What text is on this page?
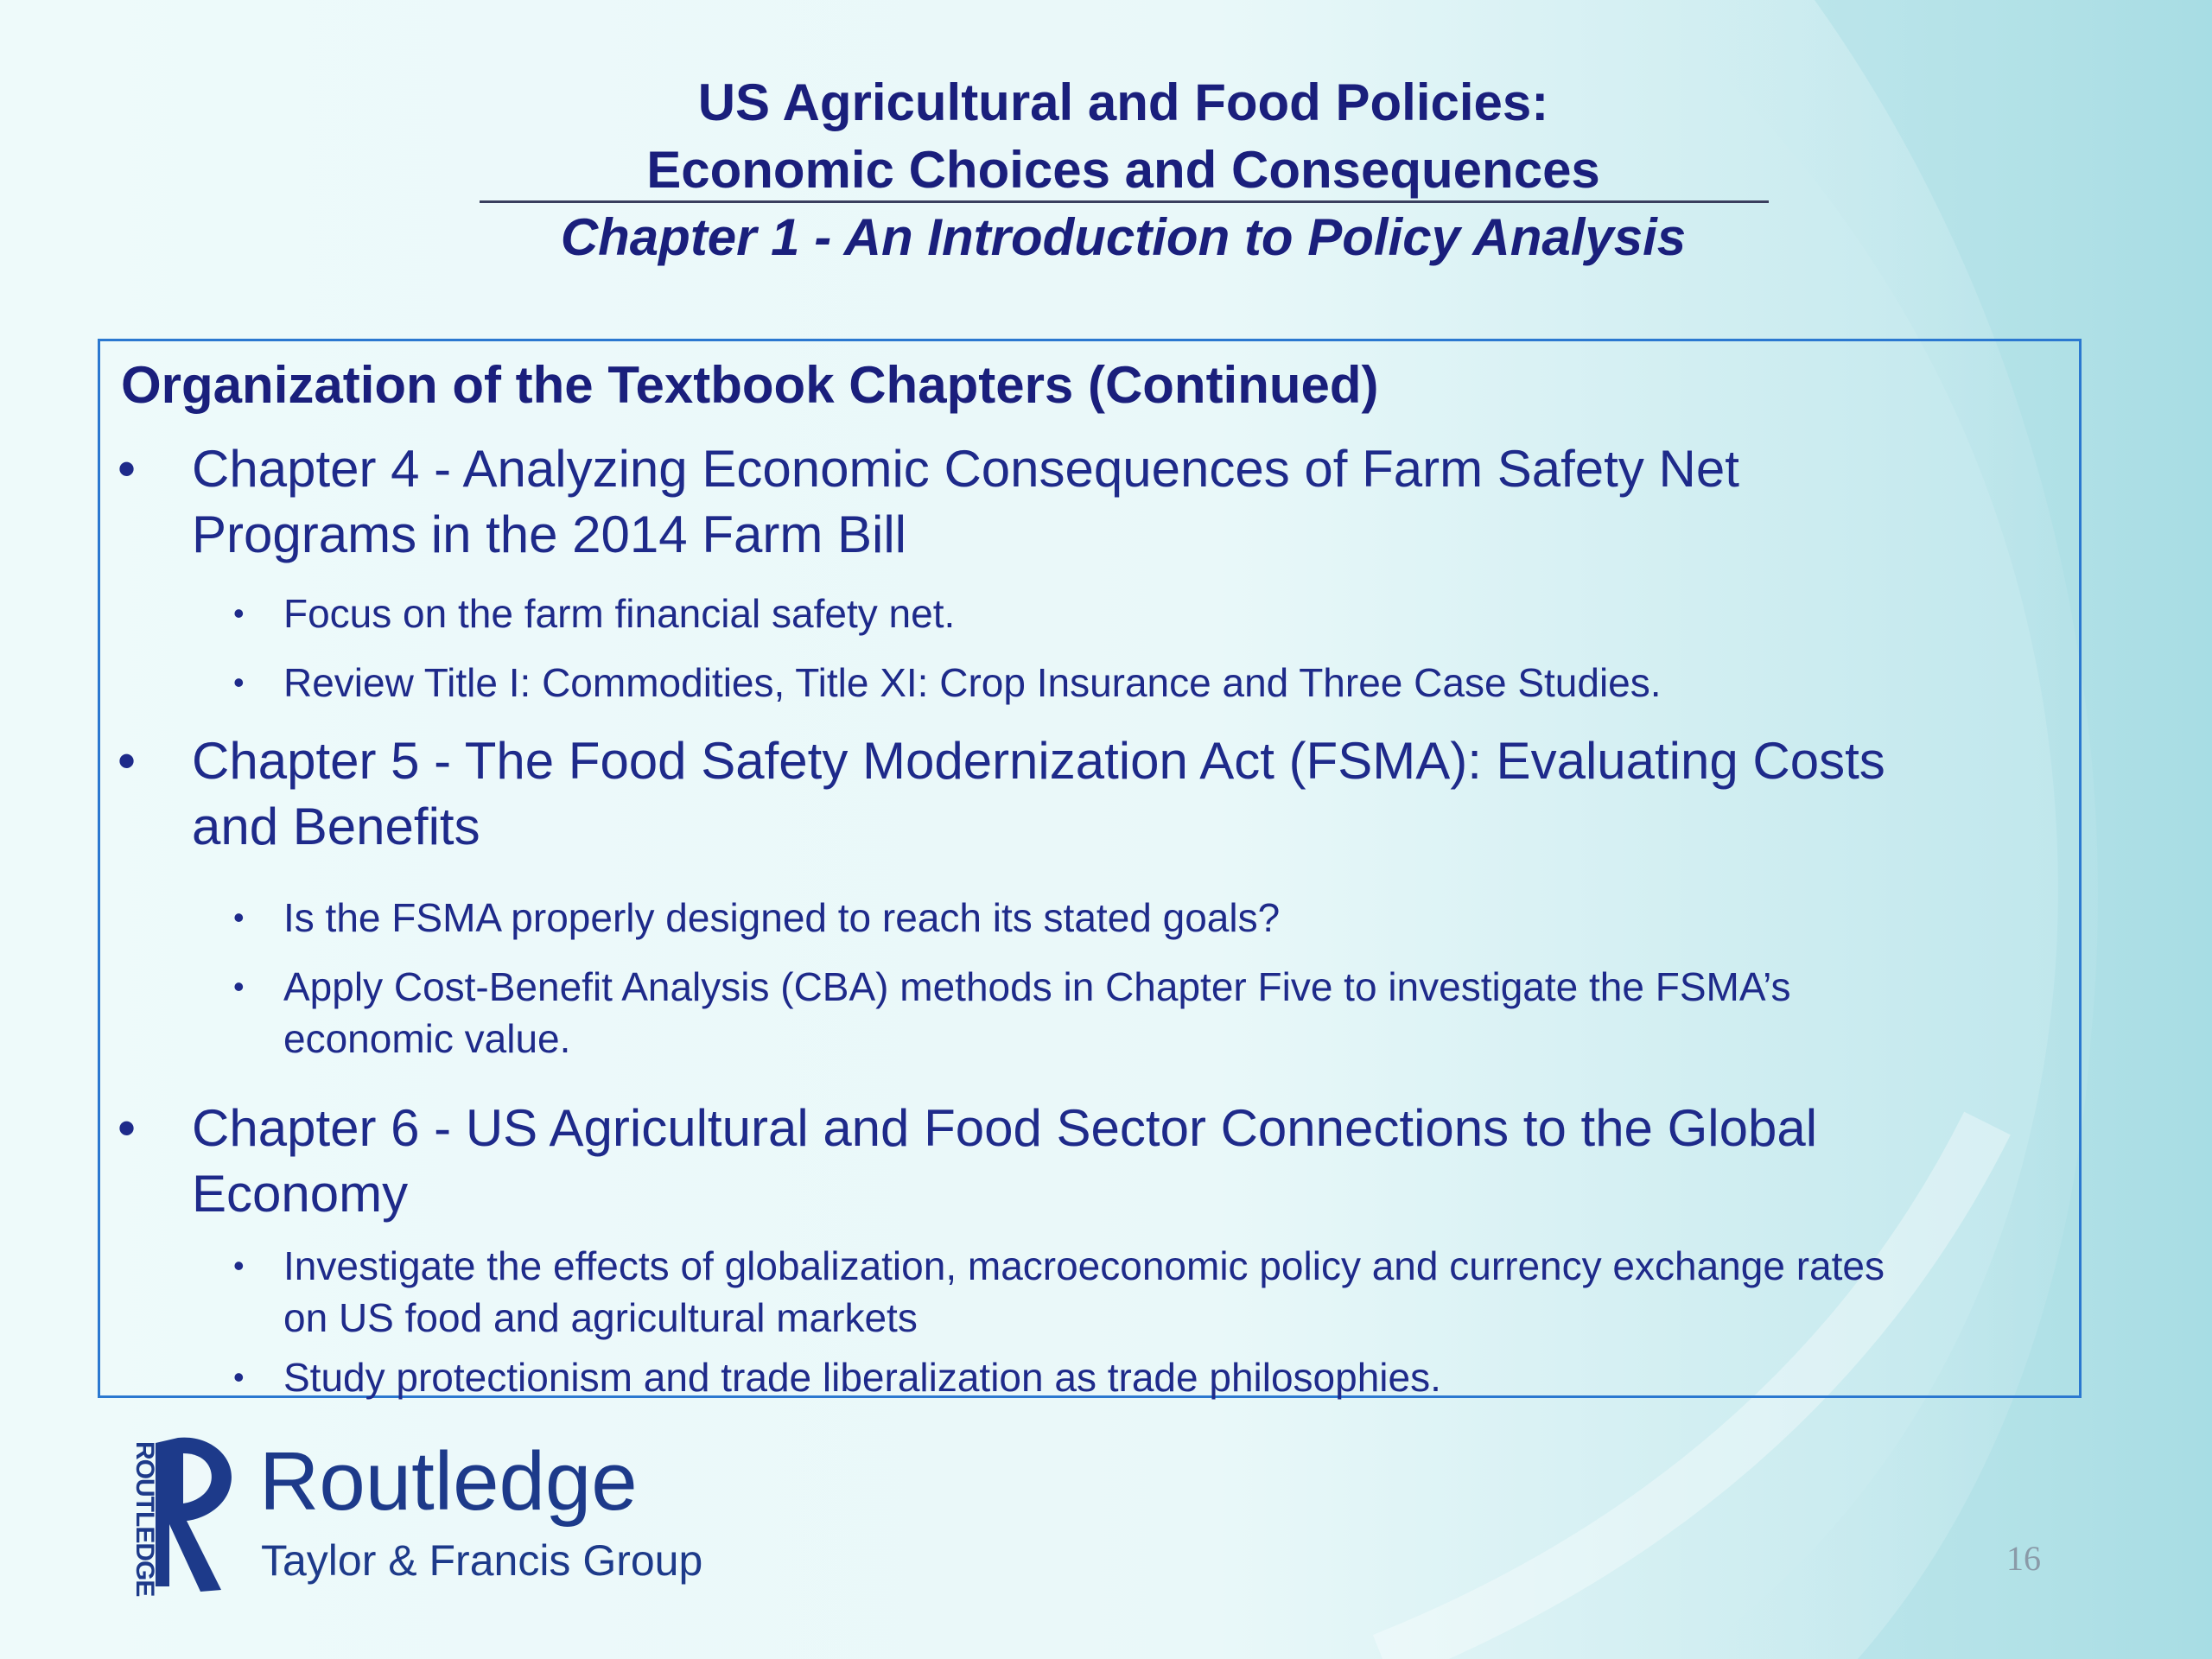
US Agricultural and Food Policies:
Economic Choices and Consequences
Chapter 1 - An Introduction to Policy Analysis
Organization of the Textbook Chapters (Continued)
•	Chapter 4 - Analyzing Economic Consequences of Farm Safety Net
Programs in the 2014 Farm Bill
• Focus on the farm financial safety net.
• Review Title I: Commodities, Title XI: Crop Insurance and Three Case Studies.
•	Chapter 5 - The Food Safety Modernization Act (FSMA): Evaluating Costs
and Benefits
• Is the FSMA properly designed to reach its stated goals?
• Apply Cost-Benefit Analysis (CBA) methods in Chapter Five to investigate the FSMA’s
economic value.
•	Chapter 6 - US Agricultural and Food Sector Connections to the Global
Economy
• Investigate the effects of globalization, macroeconomic policy and currency exchange rates
on US food and agricultural markets
• Study protectionism and trade liberalization as trade philosophies.
ROUTLEDGE Routledge
Taylor & Francis Group	16
